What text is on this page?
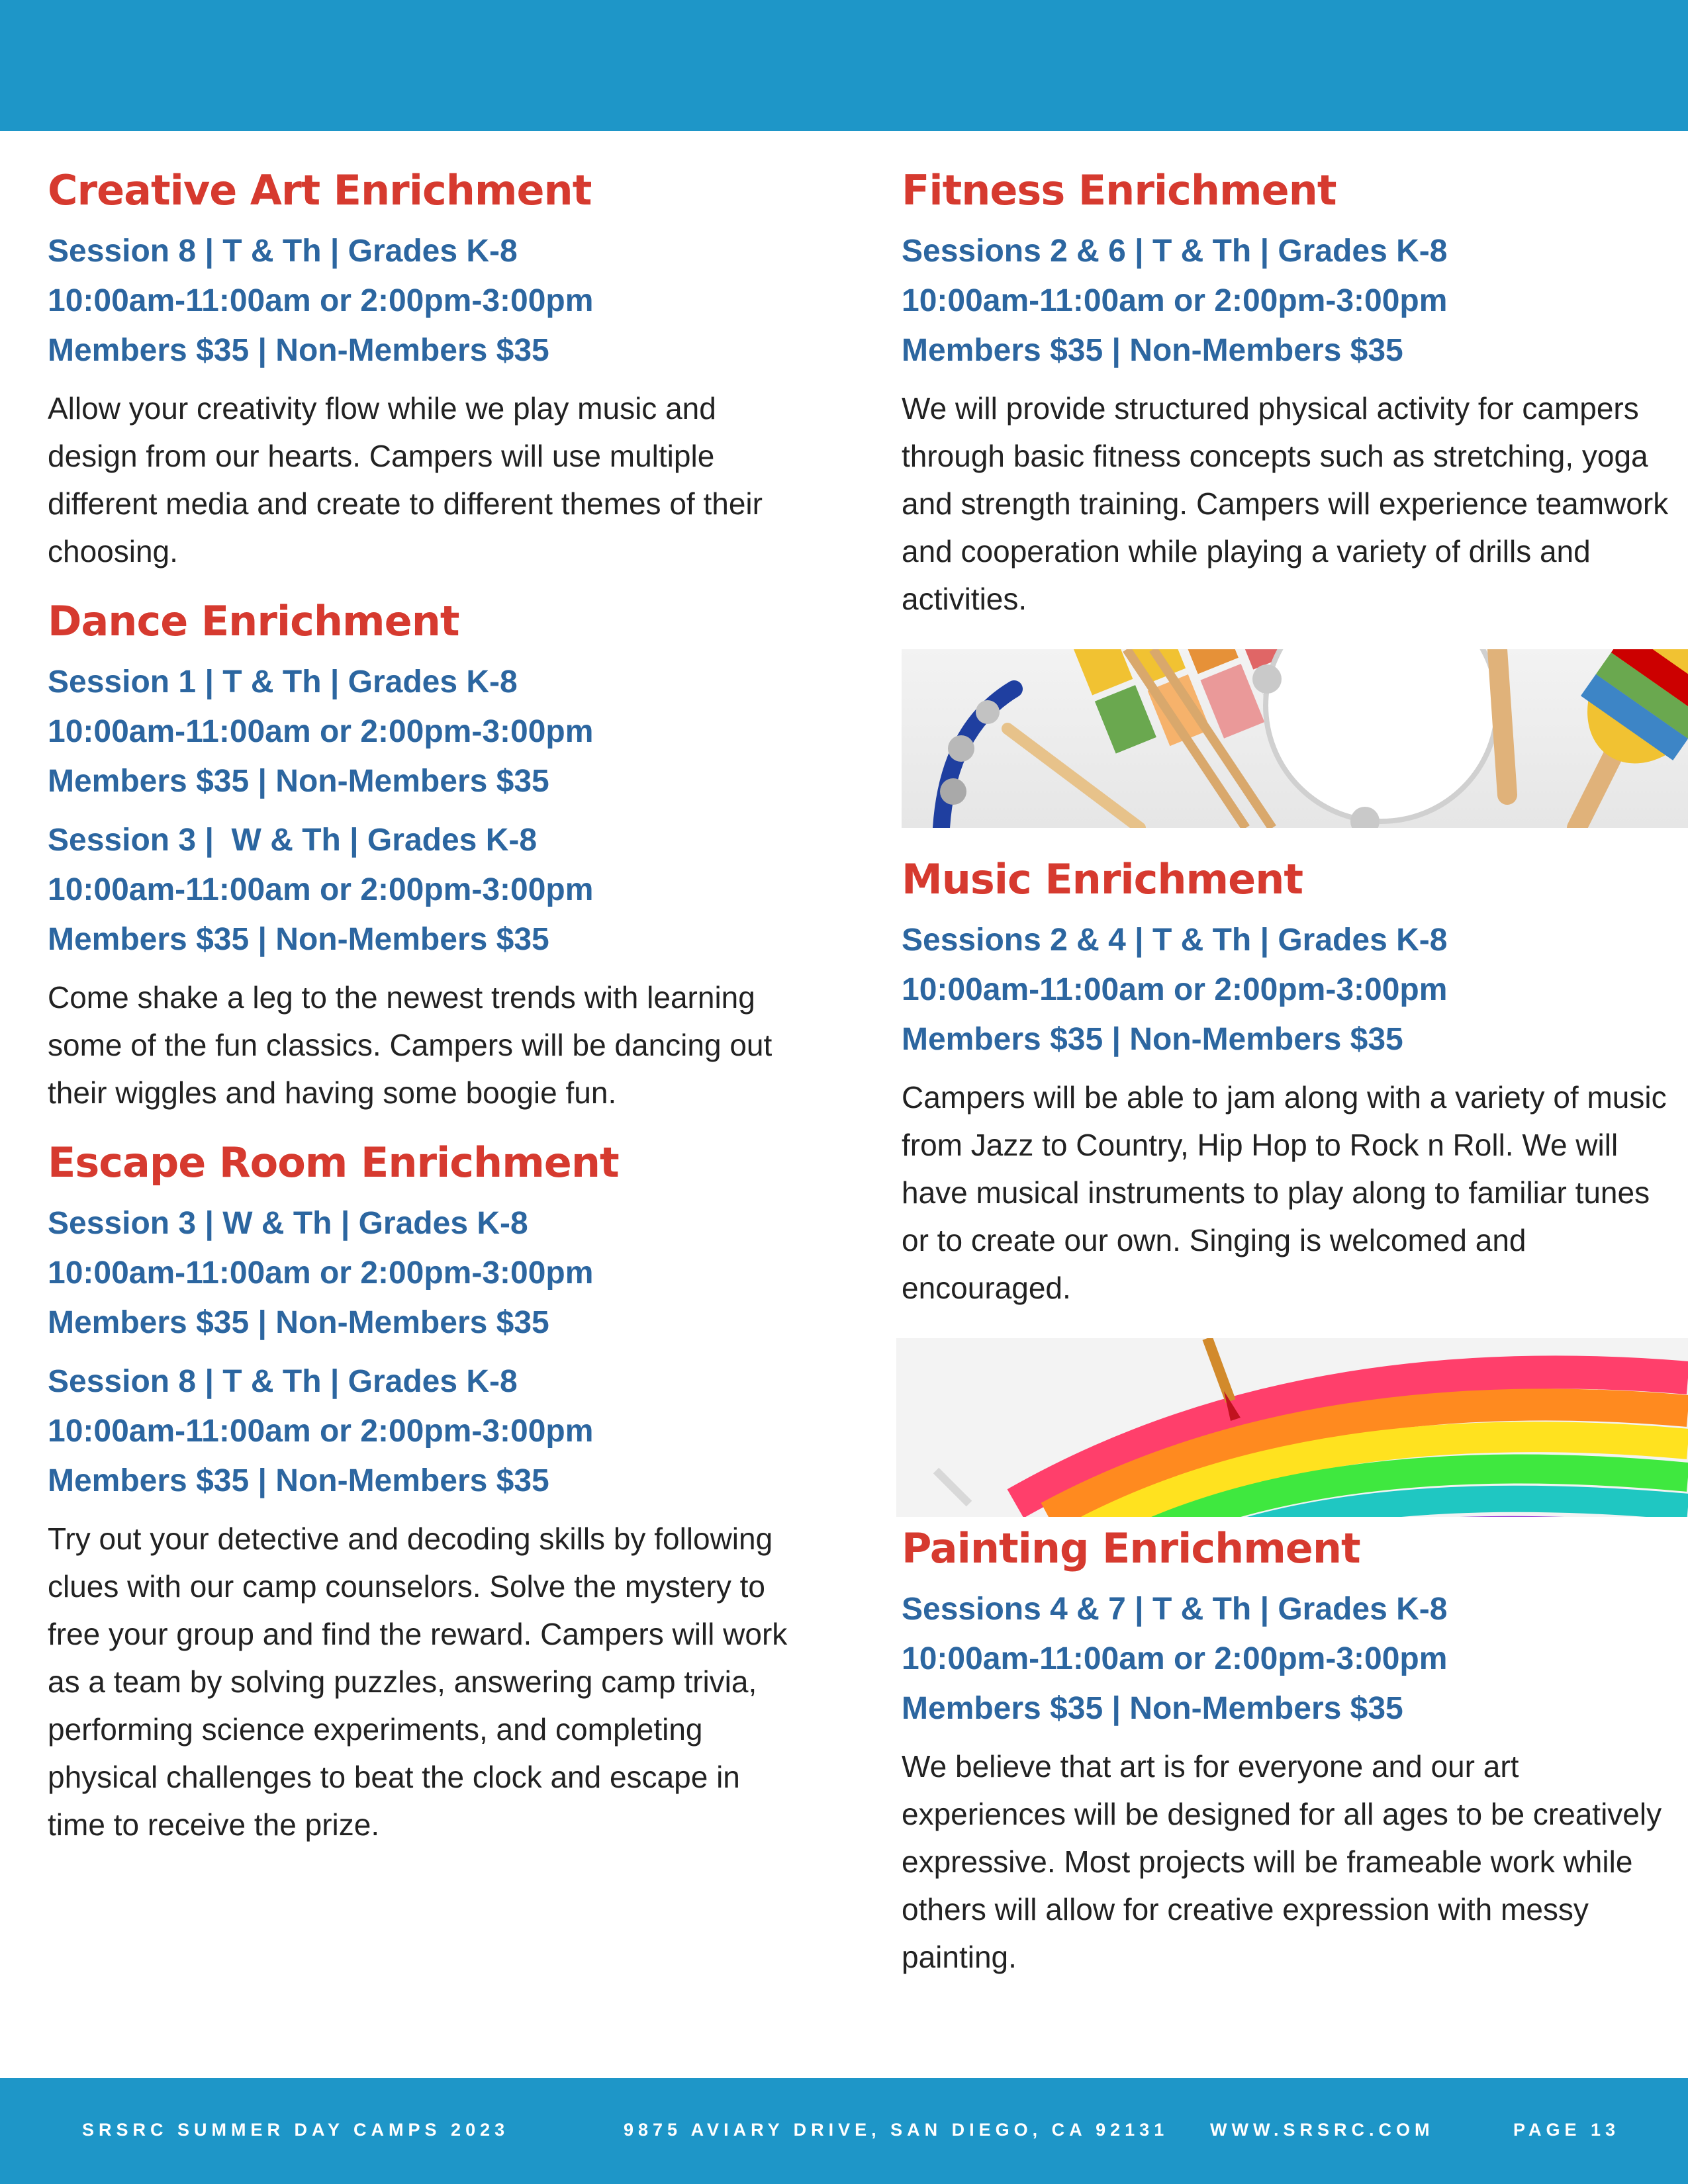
Creative Art Enrichment
Session 8 | T & Th | Grades K-8
10:00am-11:00am or 2:00pm-3:00pm
Members $35 | Non-Members $35

Allow your creativity flow while we play music and design from our hearts. Campers will use multiple different media and create to different themes of their choosing.

Dance Enrichment
Session 1 | T & Th | Grades K-8
10:00am-11:00am or 2:00pm-3:00pm
Members $35 | Non-Members $35
Session 3 |  W & Th | Grades K-8
10:00am-11:00am or 2:00pm-3:00pm
Members $35 | Non-Members $35

Come shake a leg to the newest trends with learning some of the fun classics. Campers will be dancing out their wiggles and having some boogie fun.

Escape Room Enrichment
Session 3 | W & Th | Grades K-8
10:00am-11:00am or 2:00pm-3:00pm
Members $35 | Non-Members $35
Session 8 | T & Th | Grades K-8
10:00am-11:00am or 2:00pm-3:00pm
Members $35 | Non-Members $35

Try out your detective and decoding skills by following clues with our camp counselors. Solve the mystery to free your group and find the reward. Campers will work as a team by solving puzzles, answering camp trivia, performing science experiments, and completing physical challenges to beat the clock and escape in time to receive the prize.

Fitness Enrichment
Sessions 2 & 6 | T & Th | Grades K-8
10:00am-11:00am or 2:00pm-3:00pm
Members $35 | Non-Members $35

We will provide structured physical activity for campers through basic fitness concepts such as stretching, yoga and strength training. Campers will experience teamwork and cooperation while playing a variety of drills and activities.

Music Enrichment
Sessions 2 & 4 | T & Th | Grades K-8
10:00am-11:00am or 2:00pm-3:00pm
Members $35 | Non-Members $35

Campers will be able to jam along with a variety of music from Jazz to Country, Hip Hop to Rock n Roll. We will have musical instruments to play along to familiar tunes or to create our own. Singing is welcomed and encouraged.

Painting Enrichment
Sessions 4 & 7 | T & Th | Grades K-8
10:00am-11:00am or 2:00pm-3:00pm
Members $35 | Non-Members $35

We believe that art is for everyone and our art experiences will be designed for all ages to be creatively expressive. Most projects will be frameable work while others will allow for creative expression with messy painting.

SRSRC SUMMER DAY CAMPS 2023	9875 AVIARY DRIVE, SAN DIEGO, CA 92131 WWW.SRSRC.COM	PAGE 13
